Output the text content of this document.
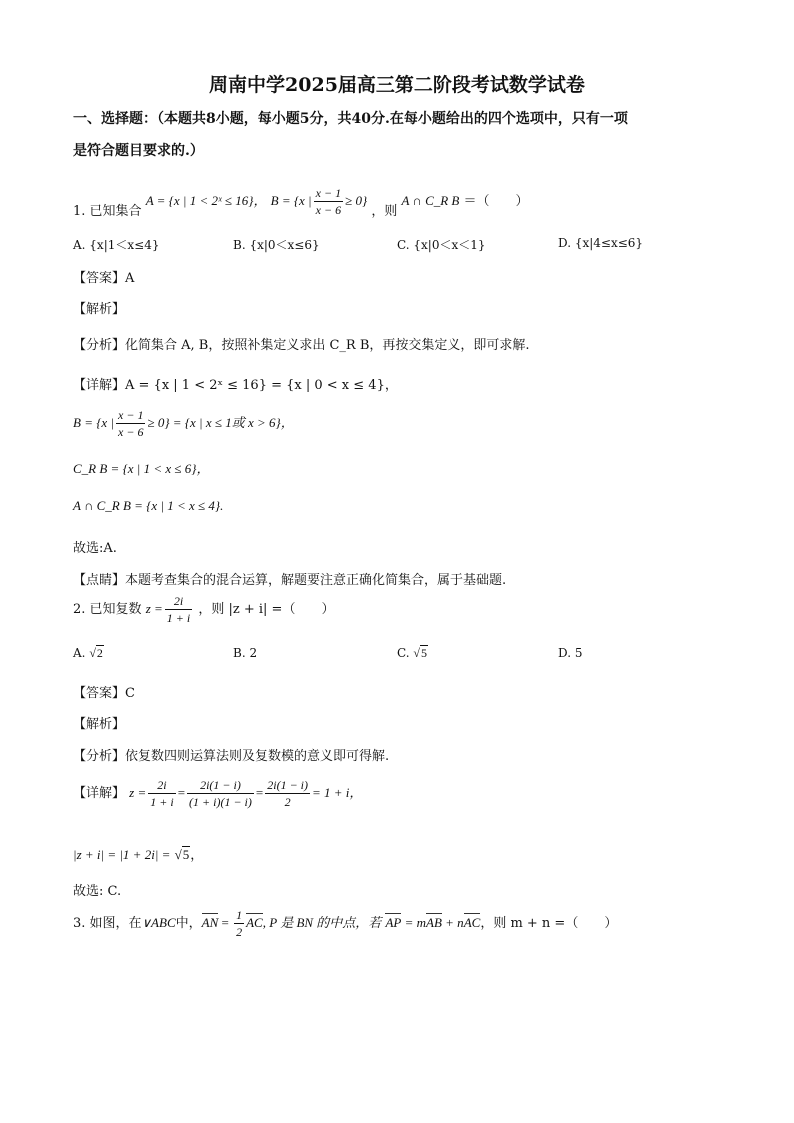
周南中学2025届高三第二阶段考试数学试卷
一、选择题：（本题共8小题，每小题5分，共40分.在每小题给出的四个选项中，只有一项
是符合题目要求的.）
1. 已知集合 A = {x | 1 < 2ˣ ≤ 16}， B = {x | $\frac{x - 1}{x - 6} \ge 0$} ，则 A ∩ C_R B ＝（　　）
A. {x|1＜x≤4}	B. {x|0＜x≤6}	C. {x|0＜x＜1}	D. {x|4≤x≤6}
【答案】A
【解析】
【分析】化简集合 A, B，按照补集定义求出 C_R B，再按交集定义，即可求解.
【详解】A = {x | 1 < 2ˣ ≤ 16} = {x | 0 < x ≤ 4}，
B = {x | $\frac{x - 1}{x - 6} \ge 0\} = \{x$ | x ≤ 1或 x > 6}，
C_R B = {x | 1 < x ≤ 6}，
A ∩ C_R B = {x | 1 < x ≤ 4}.
故选:A.
【点睛】本题考查集合的混合运算，解题要注意正确化简集合，属于基础题.
2. 已知复数 $z = \frac{2i}{1 + i}$ ，则 |z + i| =（　　）
A. √2	B. 2	C. √5	D. 5
【答案】C
【解析】
【分析】依复数四则运算法则及复数模的意义即可得解.
【详解】 $z = \frac{2i}{1 + i} = \frac{2i(1 - i)}{(1 + i)(1 - i)} = \frac{2i(1 - i)}{2} = 1 + i$，
|z + i| = |1 + 2i| = √5，
故选: C.
3. 如图，在∨ABC中，AN = $\frac{1}{2}$ AC, P 是 BN 的中点，若 AP = mAB + nAC，则 m + n =（　　）
